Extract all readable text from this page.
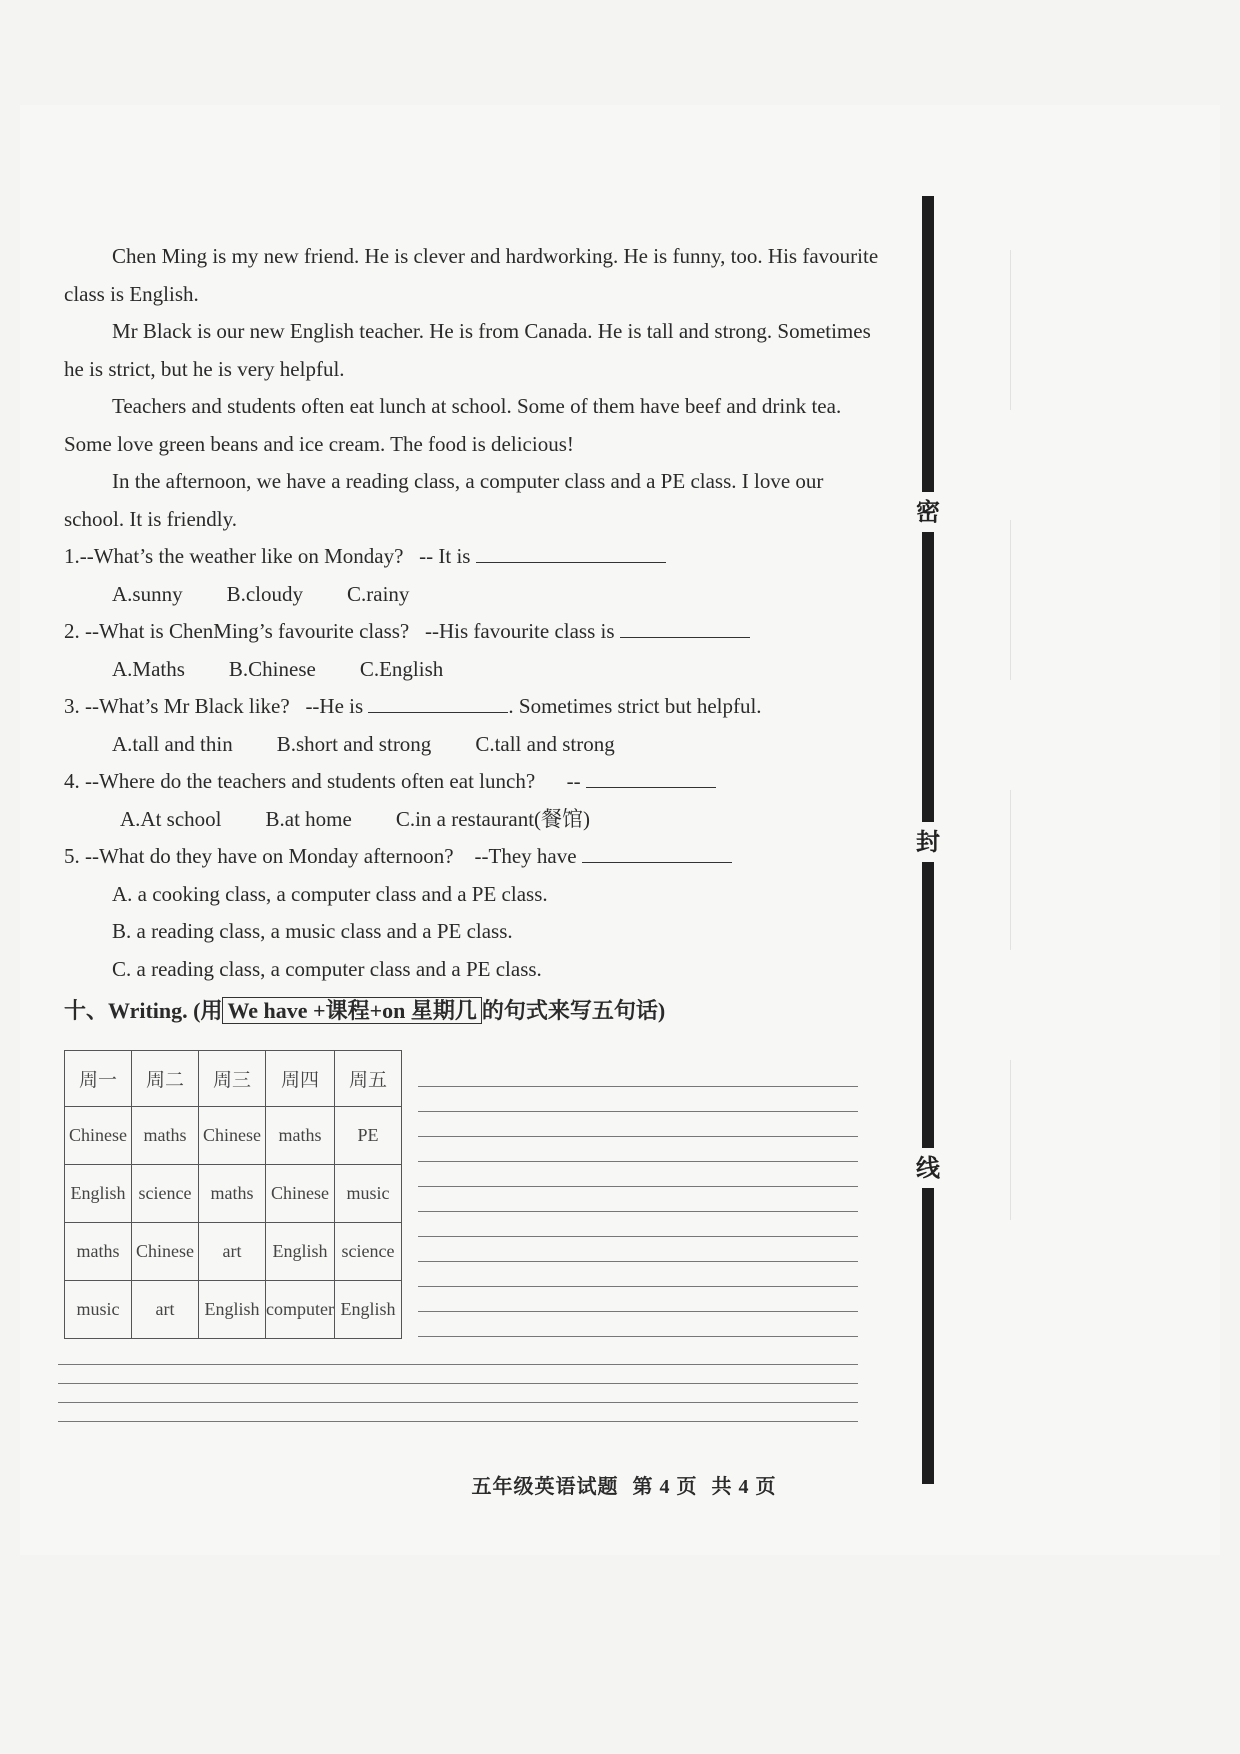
Chen Ming is my new friend. He is clever and hardworking. He is funny, too. His favourite class is English.

Mr Black is our new English teacher. He is from Canada. He is tall and strong. Sometimes he is strict, but he is very helpful.

Teachers and students often eat lunch at school. Some of them have beef and drink tea. Some love green beans and ice cream. The food is delicious!

In the afternoon, we have a reading class, a computer class and a PE class. I love our school. It is friendly.

1.--What’s the weather like on Monday? -- It is

A.sunny B.cloudy C.rainy

2. --What is ChenMing’s favourite class? --His favourite class is

A.Maths B.Chinese C.English

3. --What’s Mr Black like? --He is	. Sometimes strict but helpful.

A.tall and thin B.short and strong C.tall and strong

4. --Where do the teachers and students often eat lunch? --

A.At school B.at home C.in a restaurant(餐馆)

5. --What do they have on Monday afternoon? --They have

A. a cooking class, a computer class and a PE class.
B. a reading class, a music class and a PE class.
C. a reading class, a computer class and a PE class.

十、Writing. (用 We have +课程+on 星期几 的句式来写五句话)

周一	周二	周三	周四	周五
Chinese	maths	Chinese	maths	PE
English	science	maths	Chinese	music
maths	Chinese	art	English	science
music	art	English	computer	English
五年级英语试题 第 4 页 共 4 页
密
封
线
